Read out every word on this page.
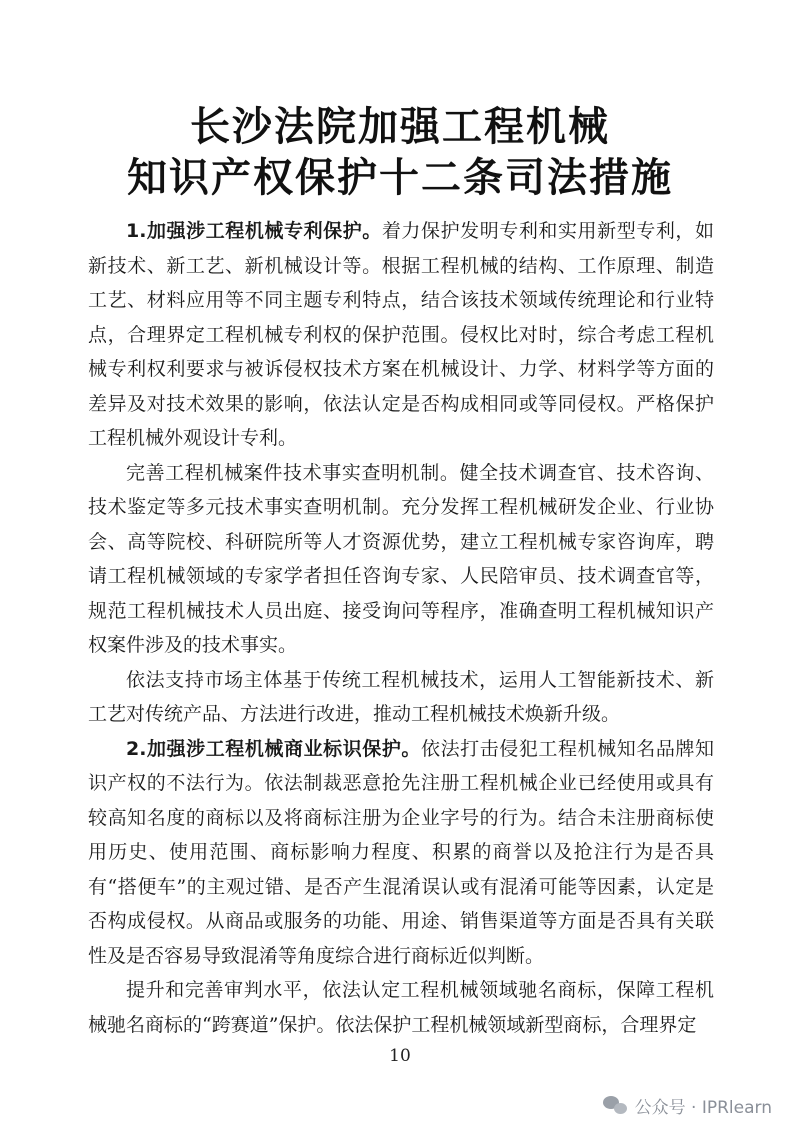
长沙法院加强工程机械
知识产权保护十二条司法措施

1.加强涉工程机械专利保护。着力保护发明专利和实用新型专利，如新技术、新工艺、新机械设计等。根据工程机械的结构、工作原理、制造工艺、材料应用等不同主题专利特点，结合该技术领域传统理论和行业特点，合理界定工程机械专利权的保护范围。侵权比对时，综合考虑工程机械专利权利要求与被诉侵权技术方案在机械设计、力学、材料学等方面的差异及对技术效果的影响，依法认定是否构成相同或等同侵权。严格保护工程机械外观设计专利。

完善工程机械案件技术事实查明机制。健全技术调查官、技术咨询、技术鉴定等多元技术事实查明机制。充分发挥工程机械研发企业、行业协会、高等院校、科研院所等人才资源优势，建立工程机械专家咨询库，聘请工程机械领域的专家学者担任咨询专家、人民陪审员、技术调查官等，规范工程机械技术人员出庭、接受询问等程序，准确查明工程机械知识产权案件涉及的技术事实。

依法支持市场主体基于传统工程机械技术，运用人工智能新技术、新工艺对传统产品、方法进行改进，推动工程机械技术焕新升级。

2.加强涉工程机械商业标识保护。依法打击侵犯工程机械知名品牌知识产权的不法行为。依法制裁恶意抢先注册工程机械企业已经使用或具有较高知名度的商标以及将商标注册为企业字号的行为。结合未注册商标使用历史、使用范围、商标影响力程度、积累的商誉以及抢注行为是否具有“搭便车”的主观过错、是否产生混淆误认或有混淆可能等因素，认定是否构成侵权。从商品或服务的功能、用途、销售渠道等方面是否具有关联性及是否容易导致混淆等角度综合进行商标近似判断。

提升和完善审判水平，依法认定工程机械领域驰名商标，保障工程机械驰名商标的“跨赛道”保护。依法保护工程机械领域新型商标，合理界定

10
公众号 · IPRlearn
